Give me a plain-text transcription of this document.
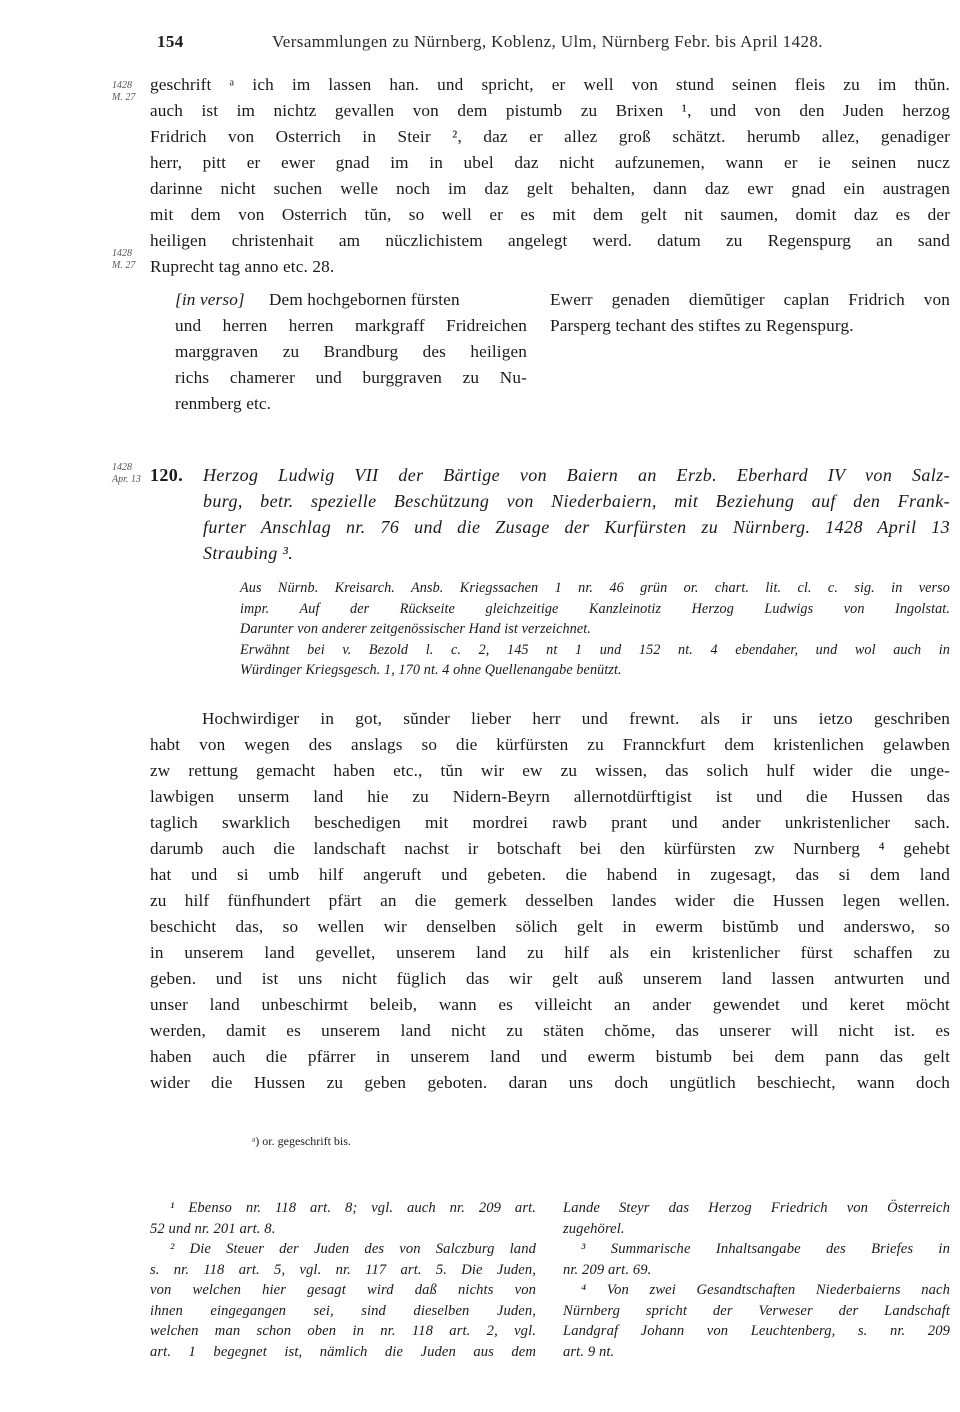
154	Versammlungen zu Nürnberg, Koblenz, Ulm, Nürnberg Febr. bis April 1428.
1428
M. 27
1428
M. 27
1428
Apr. 13
geschrift ᵃ ich im lassen han. und spricht, er well von stund seinen fleis zu im thŭn.
auch ist im nichtz gevallen von dem pistumb zu Brixen ¹, und von den Juden herzog
Fridrich von Osterrich in Steir ², daz er allez groß schätzt. herumb allez, genadiger
herr, pitt er ewer gnad im in ubel daz nicht aufzunemen, wann er ie seinen nucz
darinne nicht suchen welle noch im daz gelt behalten, dann daz ewr gnad ein austragen
mit dem von Osterrich tŭn, so well er es mit dem gelt nit saumen, domit daz es der
heiligen christenhait am nüczlichistem angelegt werd. datum zu Regenspurg an sand
Ruprecht tag anno etc. 28.
[in verso]	Dem hochgebornen fürsten
und herren herren markgraff Fridreichen
marggraven zu Brandburg des heiligen
richs chamerer und burggraven zu Nu-
renmberg etc.
Ewerr genaden diemŭtiger caplan Fridrich von
Parsperg techant des stiftes zu Regenspurg.
120. Herzog Ludwig VII der Bärtige von Baiern an Erzb. Eberhard IV von Salz-
burg, betr. spezielle Beschützung von Niederbaiern, mit Beziehung auf den Frank-
furter Anschlag nr. 76 und die Zusage der Kurfürsten zu Nürnberg. 1428 April 13
Straubing ³.
Aus Nürnb. Kreisarch. Ansb. Kriegssachen 1 nr. 46 grün or. chart. lit. cl. c. sig. in verso
impr. Auf der Rückseite gleichzeitige Kanzleinotiz Herzog Ludwigs von Ingolstat.
Darunter von anderer zeitgenössischer Hand ist verzeichnet.
Erwähnt bei v. Bezold l. c. 2, 145 nt 1 und 152 nt. 4 ebendaher, und wol auch in
Würdinger Kriegsgesch. 1, 170 nt. 4 ohne Quellenangabe benützt.
Hochwirdiger in got, sŭnder lieber herr und frewnt. als ir uns ietzo geschriben
habt von wegen des anslags so die kürfürsten zu Frannckfurt dem kristenlichen gelawben
zw rettung gemacht haben etc., tŭn wir ew zu wissen, das solich hulf wider die unge-
lawbigen unserm land hie zu Nidern-Beyrn allernotdürftigist ist und die Hussen das
taglich swarklich beschedigen mit mordrei rawb prant und ander unkristenlicher sach.
darumb auch die landschaft nachst ir botschaft bei den kürfürsten zw Nurnberg ⁴ gehebt
hat und si umb hilf angeruft und gebeten. die habend in zugesagt, das si dem land
zu hilf fünfhundert pfärt an die gemerk desselben landes wider die Hussen legen wellen.
beschicht das, so wellen wir denselben sölich gelt in ewerm bistŭmb und anderswo, so
in unserem land gevellet, unserem land zu hilf als ein kristenlicher fürst schaffen zu
geben. und ist uns nicht füglich das wir gelt auß unserem land lassen antwurten und
unser land unbeschirmt beleib, wann es villeicht an ander gewendet und keret möcht
werden, damit es unserem land nicht zu stäten chŏme, das unserer will nicht ist. es
haben auch die pfärrer in unserem land und ewerm bistumb bei dem pann das gelt
wider die Hussen zu geben geboten. daran uns doch ungütlich beschiecht, wann doch
ᵃ) or. gegeschrift bis.
¹ Ebenso nr. 118 art. 8; vgl. auch nr. 209 art.
52 und nr. 201 art. 8.
² Die Steuer der Juden des von Salczburg land
s. nr. 118 art. 5, vgl. nr. 117 art. 5. Die Juden,
von welchen hier gesagt wird daß nichts von
ihnen eingegangen sei, sind dieselben Juden,
welchen man schon oben in nr. 118 art. 2, vgl.
art. 1 begegnet ist, nämlich die Juden aus dem
Lande Steyr das Herzog Friedrich von Österreich
zugehörel.
³ Summarische Inhaltsangabe des Briefes in
nr. 209 art. 69.
⁴ Von zwei Gesandtschaften Niederbaierns nach
Nürnberg spricht der Verweser der Landschaft
Landgraf Johann von Leuchtenberg, s. nr. 209
art. 9 nt.
